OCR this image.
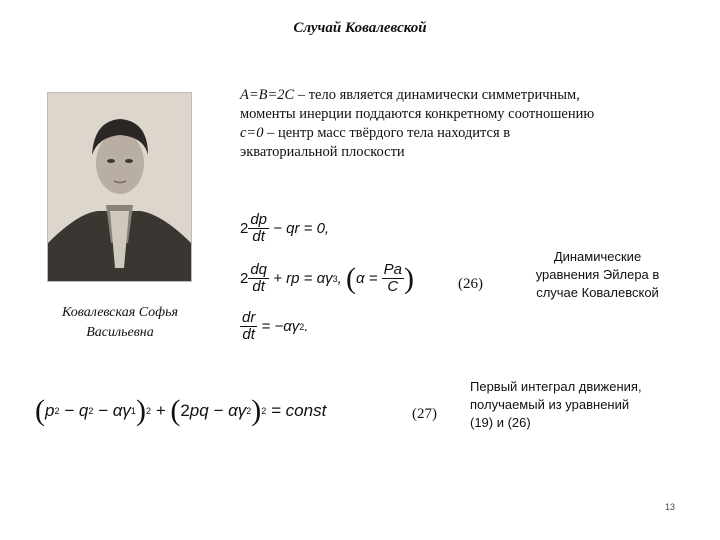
Случай Ковалевской
A=B=2C – тело является динамически симметричным,
моменты инерции поддаются конкретному соотношению
c=0 – центр масс твёрдого тела находится в
экваториальной плоскости
Ковалевская Софья
Васильевна
$2 \frac{dp}{dt}$
− qr = 0,
$2 \frac{dq}{dt}$
+ rp = αγ 3 , ( α =
$\frac{Pa}{C}$ )
$\frac{dr}{dt}$
= −αγ 2 .
(26)
Динамические
уравнения Эйлера в
случае Ковалевской
( p 2 − q 2 − αγ 1 ) 2 + ( 2 pq − αγ 2 ) 2 = const	(27)
Первый интеграл движения,
получаемый из уравнений
(19) и (26)
13
